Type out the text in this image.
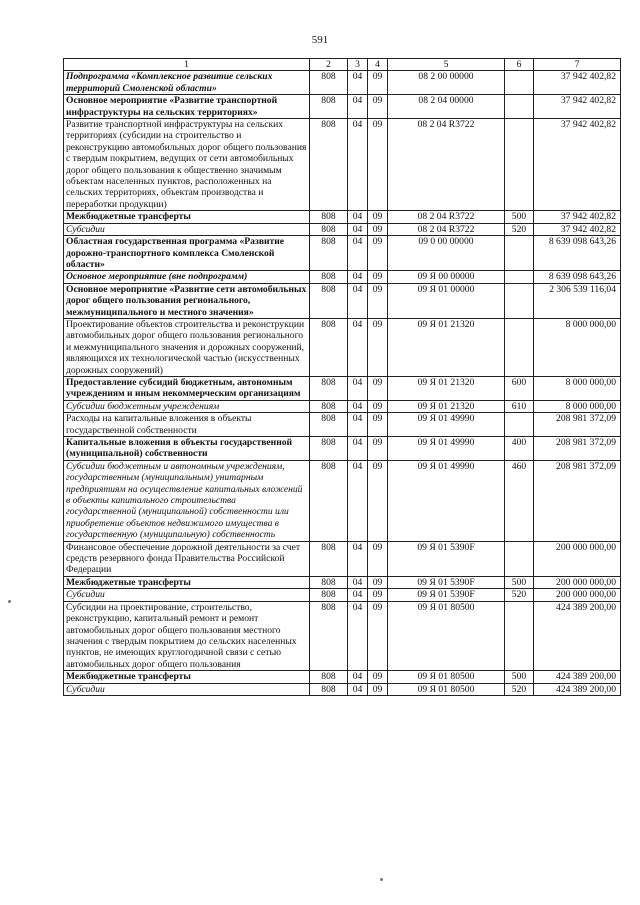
591
1	2	3	4	5	6	7
Подпрограмма «Комплексное развитие сельских территорий Смоленской области»	808	04	09	08 2 00 00000		37 942 402,82
Основное мероприятие «Развитие транспортной инфраструктуры на сельских территориях»	808	04	09	08 2 04 00000		37 942 402,82
Развитие транспортной инфраструктуры на сельских территориях (субсидии на строительство и реконструкцию автомобильных дорог общего пользования с твердым покрытием, ведущих от сети автомобильных дорог общего пользования к общественно значимым объектам населенных пунктов, расположенных на сельских территориях, объектам производства и переработки продукции)	808	04	09	08 2 04 R3722		37 942 402,82
Межбюджетные трансферты	808	04	09	08 2 04 R3722	500	37 942 402,82
Субсидии	808	04	09	08 2 04 R3722	520	37 942 402,82
Областная государственная программа «Развитие дорожно-транспортного комплекса Смоленской области»	808	04	09	09 0 00 00000		8 639 098 643,26
Основное мероприятие (вне подпрограмм)	808	04	09	09 Я 00 00000		8 639 098 643,26
Основное мероприятие «Развитие сети автомобильных дорог общего пользования регионального, межмуниципального и местного значения»	808	04	09	09 Я 01 00000		2 306 539 116,04
Проектирование объектов строительства и реконструкции автомобильных дорог общего пользования регионального и межмуниципального значения и дорожных сооружений, являющихся их технологической частью (искусственных дорожных сооружений)	808	04	09	09 Я 01 21320		8 000 000,00
Предоставление субсидий бюджетным, автономным учреждениям и иным некоммерческим организациям	808	04	09	09 Я 01 21320	600	8 000 000,00
Субсидии бюджетным учреждениям	808	04	09	09 Я 01 21320	610	8 000 000,00
Расходы на капитальные вложения в объекты государственной собственности	808	04	09	09 Я 01 49990		208 981 372,09
Капитальные вложения в объекты государственной (муниципальной) собственности	808	04	09	09 Я 01 49990	400	208 981 372,09
Субсидии бюджетным и автономным учреждениям, государственным (муниципальным) унитарным предприятиям на осуществление капитальных вложений в объекты капитального строительства государственной (муниципальной) собственности или приобретение объектов недвижимого имущества в государственную (муниципальную) собственность	808	04	09	09 Я 01 49990	460	208 981 372,09
Финансовое обеспечение дорожной деятельности за счет средств резервного фонда Правительства Российской Федерации	808	04	09	09 Я 01 5390F		200 000 000,00
Межбюджетные трансферты	808	04	09	09 Я 01 5390F	500	200 000 000,00
Субсидии	808	04	09	09 Я 01 5390F	520	200 000 000,00
Субсидии на проектирование, строительство, реконструкцию, капитальный ремонт и ремонт автомобильных дорог общего пользования местного значения с твердым покрытием до сельских населенных пунктов, не имеющих круглогодичной связи с сетью автомобильных дорог общего пользования	808	04	09	09 Я 01 80500		424 389 200,00
Межбюджетные трансферты	808	04	09	09 Я 01 80500	500	424 389 200,00
Субсидии	808	04	09	09 Я 01 80500	520	424 389 200,00
